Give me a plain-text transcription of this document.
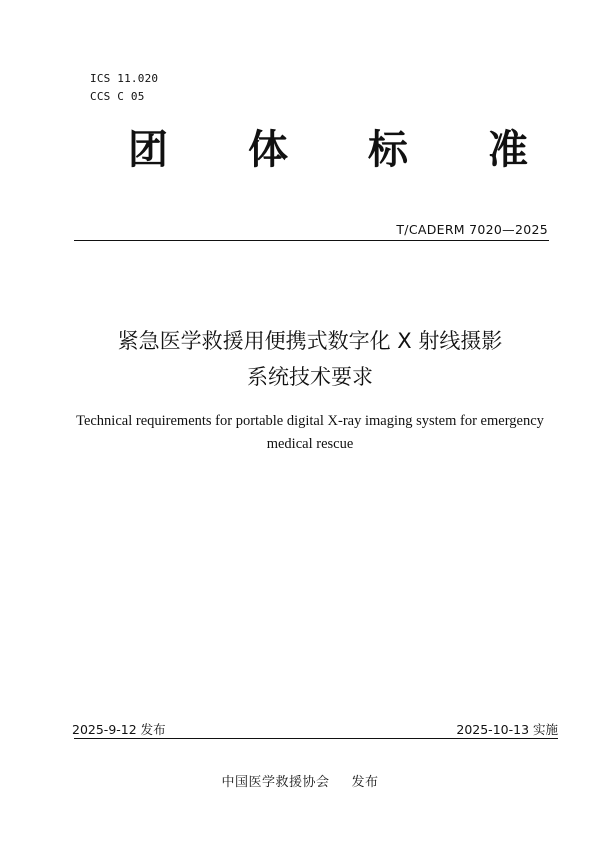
ICS 11.020
CCS C 05
团 体 标 准
T/CADERM 7020—2025
紧急医学救援用便携式数字化 X 射线摄影
系统技术要求
Technical requirements for portable digital X-ray imaging system for emergency
medical rescue
2025-9-12 发布	2025-10-13 实施
中国医学救援协会 发布
